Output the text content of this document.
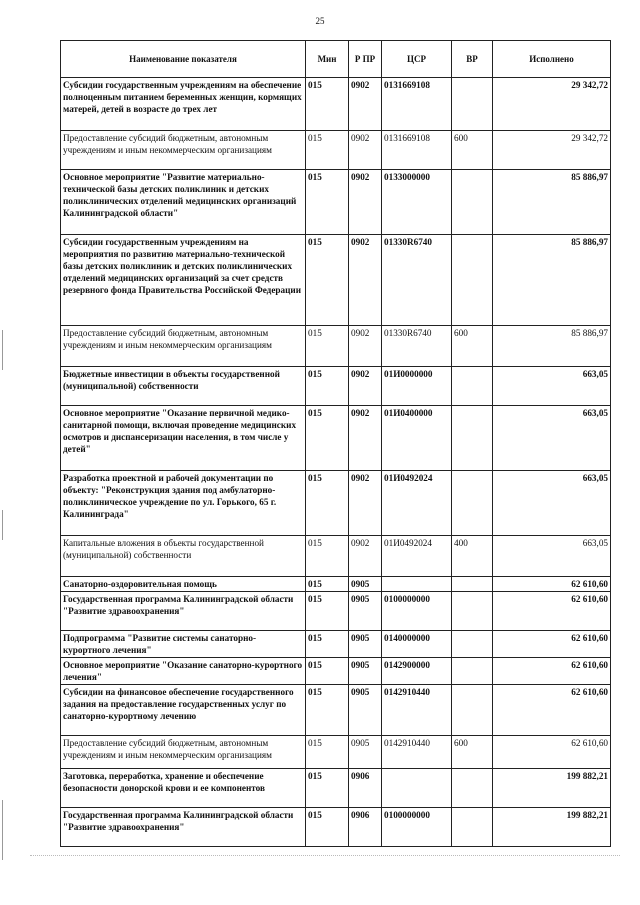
25
Наименование показателя	Мин	Р ПР	ЦСР	ВР	Исполнено
Субсидии государственным учреждениям на обеспечение полноценным питанием беременных женщин, кормящих матерей, детей в возрасте до трех лет	015	0902	0131669108		29 342,72
Предоставление субсидий бюджетным, автономным учреждениям и иным некоммерческим организациям	015	0902	0131669108	600	29 342,72
Основное мероприятие "Развитие материально-технической базы детских поликлиник и детских поликлинических отделений медицинских организаций Калининградской области"	015	0902	0133000000		85 886,97
Субсидии государственным учреждениям на мероприятия по развитию материально-технической базы детских поликлиник и детских поликлинических отделений медицинских организаций за счет средств резервного фонда Правительства Российской Федерации	015	0902	01330R6740		85 886,97
Предоставление субсидий бюджетным, автономным учреждениям и иным некоммерческим организациям	015	0902	01330R6740	600	85 886,97
Бюджетные инвестиции в объекты государственной (муниципальной) собственности	015	0902	01И0000000		663,05
Основное мероприятие "Оказание первичной медико-санитарной помощи, включая проведение медицинских осмотров и диспансеризации населения, в том числе у детей"	015	0902	01И0400000		663,05
Разработка проектной и рабочей документации по объекту: "Реконструкция здания под амбулаторно-поликлиническое учреждение по ул. Горького, 65 г. Калининграда"	015	0902	01И0492024		663,05
Капитальные вложения в объекты государственной (муниципальной) собственности	015	0902	01И0492024	400	663,05
Санаторно-оздоровительная помощь	015	0905			62 610,60
Государственная программа Калининградской области "Развитие здравоохранения"	015	0905	0100000000		62 610,60
Подпрограмма "Развитие системы санаторно-курортного лечения"	015	0905	0140000000		62 610,60
Основное мероприятие "Оказание санаторно-курортного лечения"	015	0905	0142900000		62 610,60
Субсидии на финансовое обеспечение государственного задания на предоставление государственных услуг по санаторно-курортному лечению	015	0905	0142910440		62 610,60
Предоставление субсидий бюджетным, автономным учреждениям и иным некоммерческим организациям	015	0905	0142910440	600	62 610,60
Заготовка, переработка, хранение и обеспечение безопасности донорской крови и ее компонентов	015	0906			199 882,21
Государственная программа Калининградской области "Развитие здравоохранения"	015	0906	0100000000		199 882,21
